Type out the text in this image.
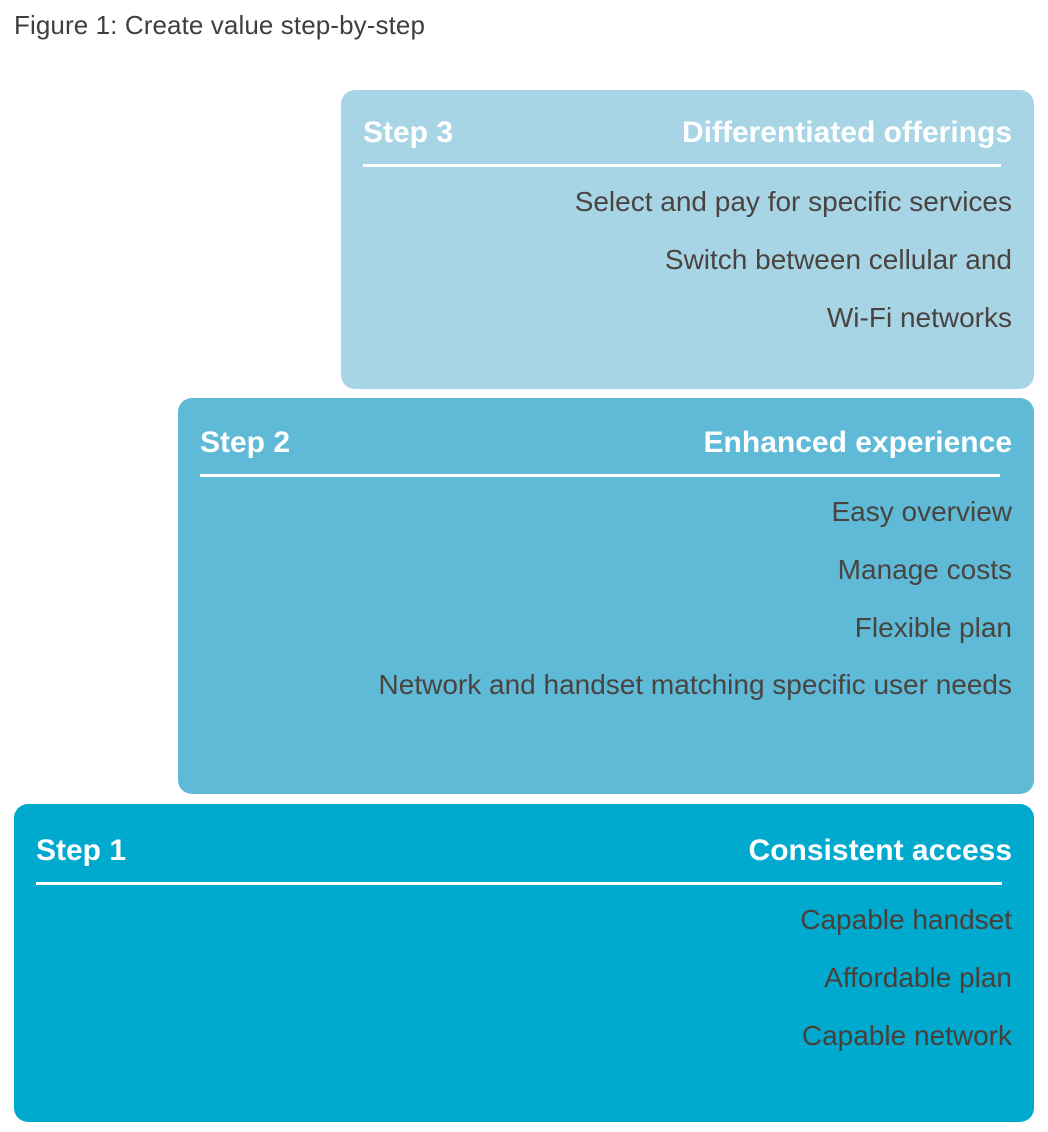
Figure 1: Create value step-by-step
Step 3	Differentiated offerings
Select and pay for specific services
Switch between cellular and
Wi-Fi networks
Step 2	Enhanced experience
Easy overview
Manage costs
Flexible plan
Network and handset matching specific user needs
Step 1	Consistent access
Capable handset
Affordable plan
Capable network
